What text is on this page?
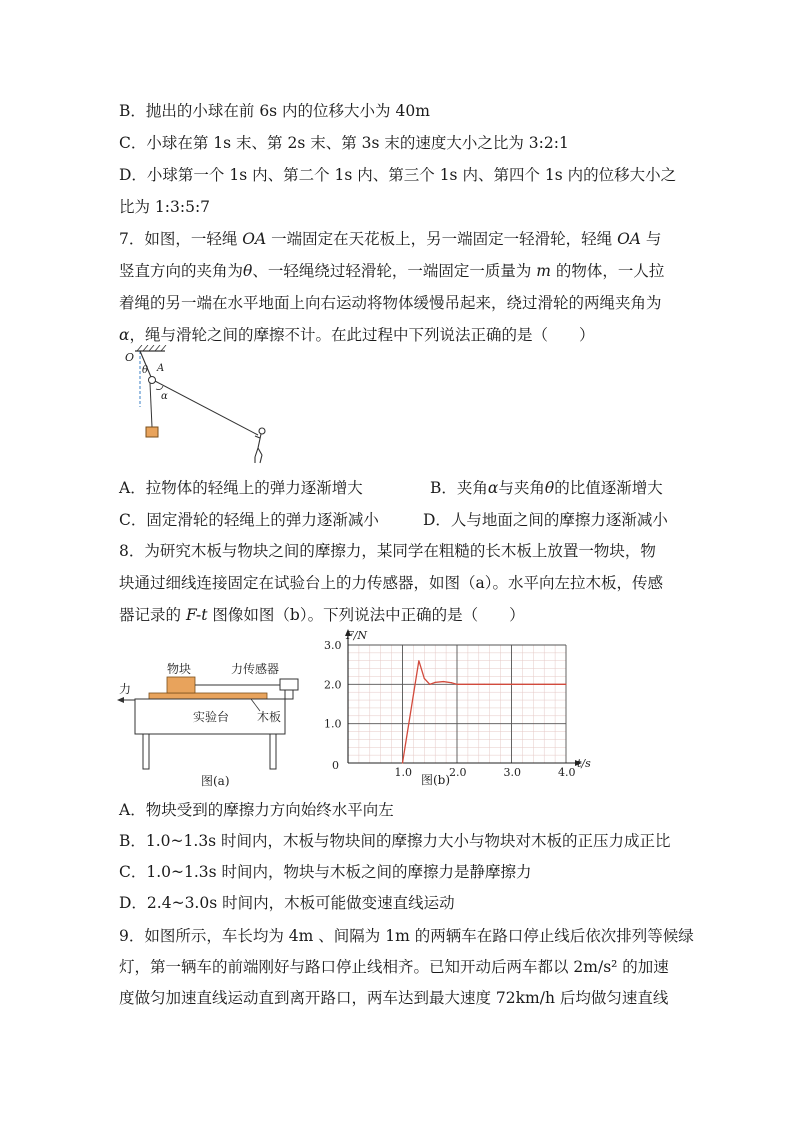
B．抛出的小球在前 6s 内的位移大小为 40m
C．小球在第 1s 末、第 2s 末、第 3s 末的速度大小之比为 3:2:1
D．小球第一个 1s 内、第二个 1s 内、第三个 1s 内、第四个 1s 内的位移大小之
比为 1:3:5:7
7．如图，一轻绳 OA 一端固定在天花板上，另一端固定一轻滑轮，轻绳 OA 与
竖直方向的夹角为θ、一轻绳绕过轻滑轮，一端固定一质量为 m 的物体，一人拉
着绳的另一端在水平地面上向右运动将物体缓慢吊起来，绕过滑轮的两绳夹角为
α，绳与滑轮之间的摩擦不计。在此过程中下列说法正确的是（　　）
O
θ A
α
A．拉物体的轻绳上的弹力逐渐增大	B．夹角α与夹角θ的比值逐渐增大
C．固定滑轮的轻绳上的弹力逐渐减小	D．人与地面之间的摩擦力逐渐减小
8．为研究木板与物块之间的摩擦力，某同学在粗糙的长木板上放置一物块，物
块通过细线连接固定在试验台上的力传感器，如图（a）。水平向左拉木板，传感
器记录的 F-t 图像如图（b）。下列说法中正确的是（　　）
力
物块	力传感器
实验台 木板
图(a)
1.0	2.0	3.0	4.0
1.0
2.0
3.0
F/N
t/s
0
图(b)
A．物块受到的摩擦力方向始终水平向左
B．1.0~1.3s 时间内，木板与物块间的摩擦力大小与物块对木板的正压力成正比
C．1.0~1.3s 时间内，物块与木板之间的摩擦力是静摩擦力
D．2.4~3.0s 时间内，木板可能做变速直线运动
9．如图所示，车长均为 4m 、间隔为 1m 的两辆车在路口停止线后依次排列等候绿
灯，第一辆车的前端刚好与路口停止线相齐。已知开动后两车都以 2m/s² 的加速
度做匀加速直线运动直到离开路口，两车达到最大速度 72km/h 后均做匀速直线
